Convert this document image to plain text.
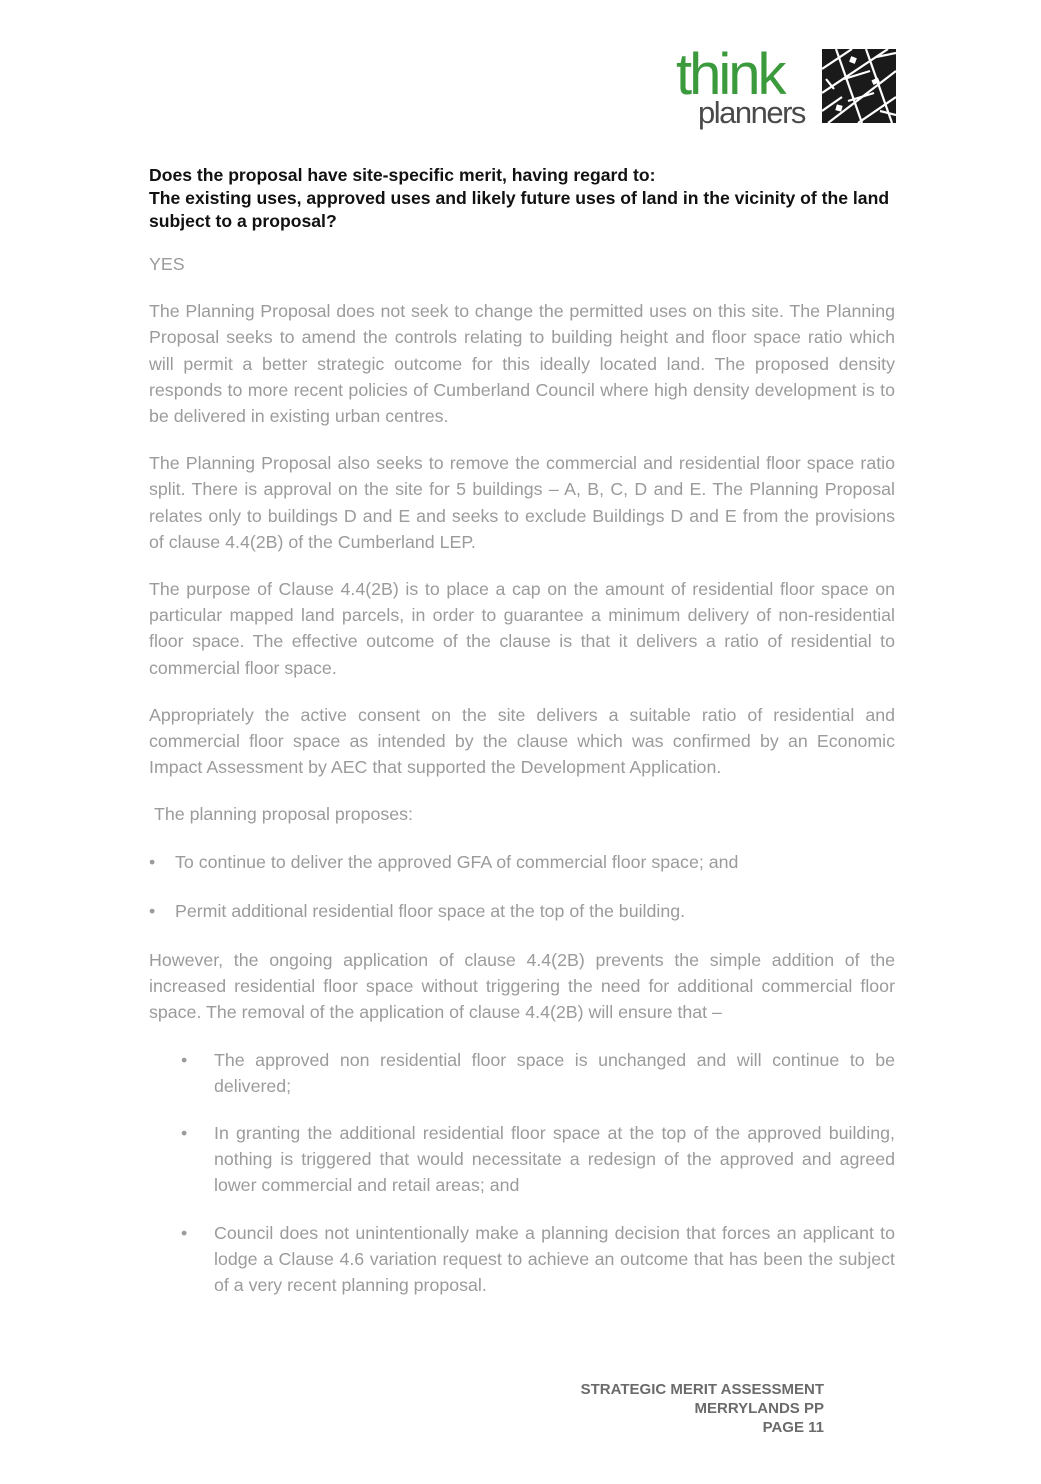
think
planners
Does the proposal have site-specific merit, having regard to:
The existing uses, approved uses and likely future uses of land in the vicinity of the land subject to a proposal?

YES

The Planning Proposal does not seek to change the permitted uses on this site. The Planning Proposal seeks to amend the controls relating to building height and floor space ratio which will permit a better strategic outcome for this ideally located land. The proposed density responds to more recent policies of Cumberland Council where high density development is to be delivered in existing urban centres.

The Planning Proposal also seeks to remove the commercial and residential floor space ratio split. There is approval on the site for 5 buildings – A, B, C, D and E. The Planning Proposal relates only to buildings D and E and seeks to exclude Buildings D and E from the provisions of clause 4.4(2B) of the Cumberland LEP.

The purpose of Clause 4.4(2B) is to place a cap on the amount of residential floor space on particular mapped land parcels, in order to guarantee a minimum delivery of non-residential floor space. The effective outcome of the clause is that it delivers a ratio of residential to commercial floor space.

Appropriately the active consent on the site delivers a suitable ratio of residential and commercial floor space as intended by the clause which was confirmed by an Economic Impact Assessment by AEC that supported the Development Application.

The planning proposal proposes:

• To continue to deliver the approved GFA of commercial floor space; and
• Permit additional residential floor space at the top of the building.

However, the ongoing application of clause 4.4(2B) prevents the simple addition of the increased residential floor space without triggering the need for additional commercial floor space. The removal of the application of clause 4.4(2B) will ensure that –

• The approved non residential floor space is unchanged and will continue to be delivered;
• In granting the additional residential floor space at the top of the approved building, nothing is triggered that would necessitate a redesign of the approved and agreed lower commercial and retail areas; and
• Council does not unintentionally make a planning decision that forces an applicant to lodge a Clause 4.6 variation request to achieve an outcome that has been the subject of a very recent planning proposal.
STRATEGIC MERIT ASSESSMENT
MERRYLANDS PP
PAGE 11
